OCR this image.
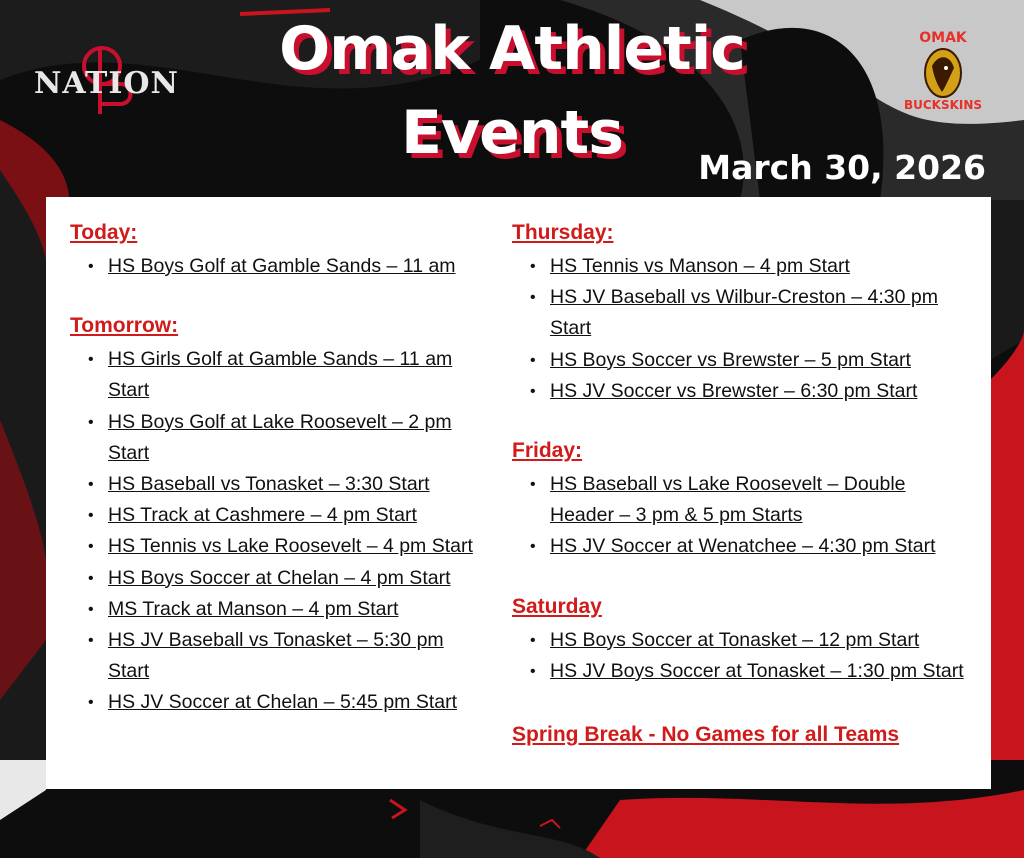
NATION
OMAK
BUCKSKINS
Omak Athletic
Events	March 30, 2026
Today:
• HS Boys Golf at Gamble Sands – 11 am
Tomorrow:
• HS Girls Golf at Gamble Sands – 11 am Start
• HS Boys Golf at Lake Roosevelt – 2 pm Start
• HS Baseball vs Tonasket – 3:30 Start
• HS Track at Cashmere – 4 pm Start
• HS Tennis vs Lake Roosevelt – 4 pm Start
• HS Boys Soccer at Chelan – 4 pm Start
• MS Track at Manson – 4 pm Start
• HS JV Baseball vs Tonasket – 5:30 pm Start
• HS JV Soccer at Chelan – 5:45 pm Start
Thursday:
• HS Tennis vs Manson – 4 pm Start
• HS JV Baseball vs Wilbur-Creston – 4:30 pm Start
• HS Boys Soccer vs Brewster – 5 pm Start
• HS JV Soccer vs Brewster – 6:30 pm Start
Friday:
• HS Baseball vs Lake Roosevelt – Double Header – 3 pm & 5 pm Starts
• HS JV Soccer at Wenatchee – 4:30 pm Start
Saturday
• HS Boys Soccer at Tonasket – 12 pm Start
• HS JV Boys Soccer at Tonasket – 1:30 pm Start
Spring Break - No Games for all Teams
